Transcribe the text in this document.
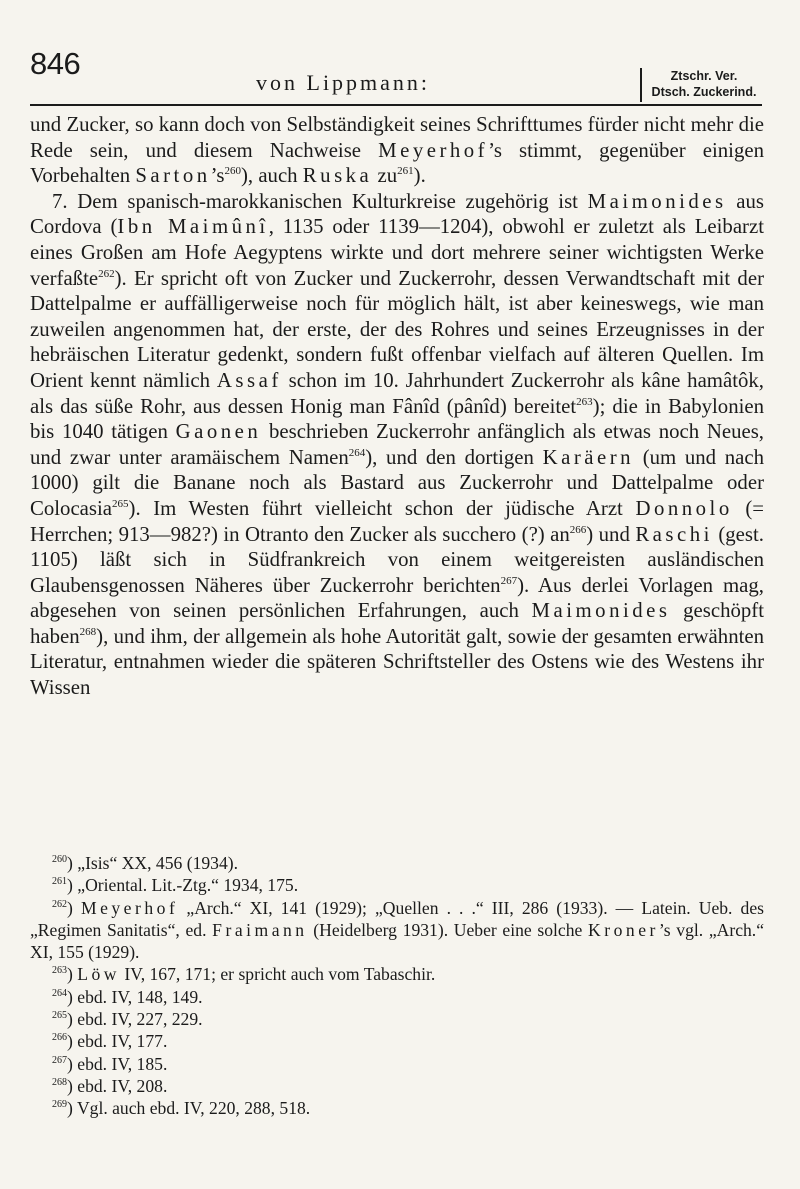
846
von Lippmann:	Ztschr. Ver.
Dtsch. Zuckerind.

und Zucker, so kann doch von Selbständigkeit seines Schrifttumes fürder nicht mehr die Rede sein, und diesem Nachweise Meyerhof’s stimmt, gegenüber einigen Vorbehalten $Sarton’s^{260}$), auch Ruska $zu^{261}$).

7. Dem spanisch-marokkanischen Kulturkreise zugehörig ist Maimonides aus Cordova (Ibn Maimûnî, 1135 oder 1139—1204), obwohl er zuletzt als Leibarzt eines Großen am Hofe Aegyptens wirkte und dort mehrere seiner wichtigsten Werke verfaßte$^{262}$). Er spricht oft von Zucker und Zuckerrohr, dessen Verwandtschaft mit der Dattelpalme er auffälligerweise noch für möglich hält, ist aber keineswegs, wie man zuweilen angenommen hat, der erste, der des Rohres und seines Erzeugnisses in der hebräischen Literatur gedenkt, sondern fußt offenbar vielfach auf älteren Quellen. Im Orient kennt nämlich Assaf schon im 10. Jahrhundert Zuckerrohr als kâne hamâtôk, als das süße Rohr, aus dessen Honig man Fânîd (pânîd) bereitet$^{263}$); die in Babylonien bis 1040 tätigen Gaonen beschrieben Zuckerrohr anfänglich als etwas noch Neues, und zwar unter aramäischem Namen$^{264}$), und den dortigen Karäern (um und nach 1000) gilt die Banane noch als Bastard aus Zuckerrohr und Dattelpalme oder Colocasia$^{265}$). Im Westen führt vielleicht schon der jüdische Arzt Donnolo (= Herrchen; 913—982?) in Otranto den Zucker als succhero (?) $an^{266}$) und Raschi (gest. 1105) läßt sich in Südfrankreich von einem weitgereisten ausländischen Glaubensgenossen Näheres über Zuckerrohr berichten$^{267}$). Aus derlei Vorlagen mag, abgesehen von seinen persönlichen Erfahrungen, auch Maimonides geschöpft haben$^{268}$), und ihm, der allgemein als hohe Autorität galt, sowie der gesamten erwähnten Literatur, entnahmen wieder die späteren Schriftsteller des Ostens wie des Westens ihr Wissen

$^{260}$) „Isis“ XX, 456 (1934).

$^{261}$) „Oriental. Lit.-Ztg.“ 1934, 175.

$^{262}$) Meyerhof „Arch.“ XI, 141 (1929); „Quellen . . .“ III, 286 (1933). — Latein. Ueb. des „Regimen Sanitatis“, ed. Fraimann (Heidelberg 1931). Ueber eine solche Kroner’s vgl. „Arch.“ XI, 155 (1929).

$^{263}$) Löw IV, 167, 171; er spricht auch vom Tabaschir.

$^{264}$) ebd. IV, 148, 149.

$^{265}$) ebd. IV, 227, 229.

$^{266}$) ebd. IV, 177.

$^{267}$) ebd. IV, 185.

$^{268}$) ebd. IV, 208.

$^{269}$) Vgl. auch ebd. IV, 220, 288, 518.
